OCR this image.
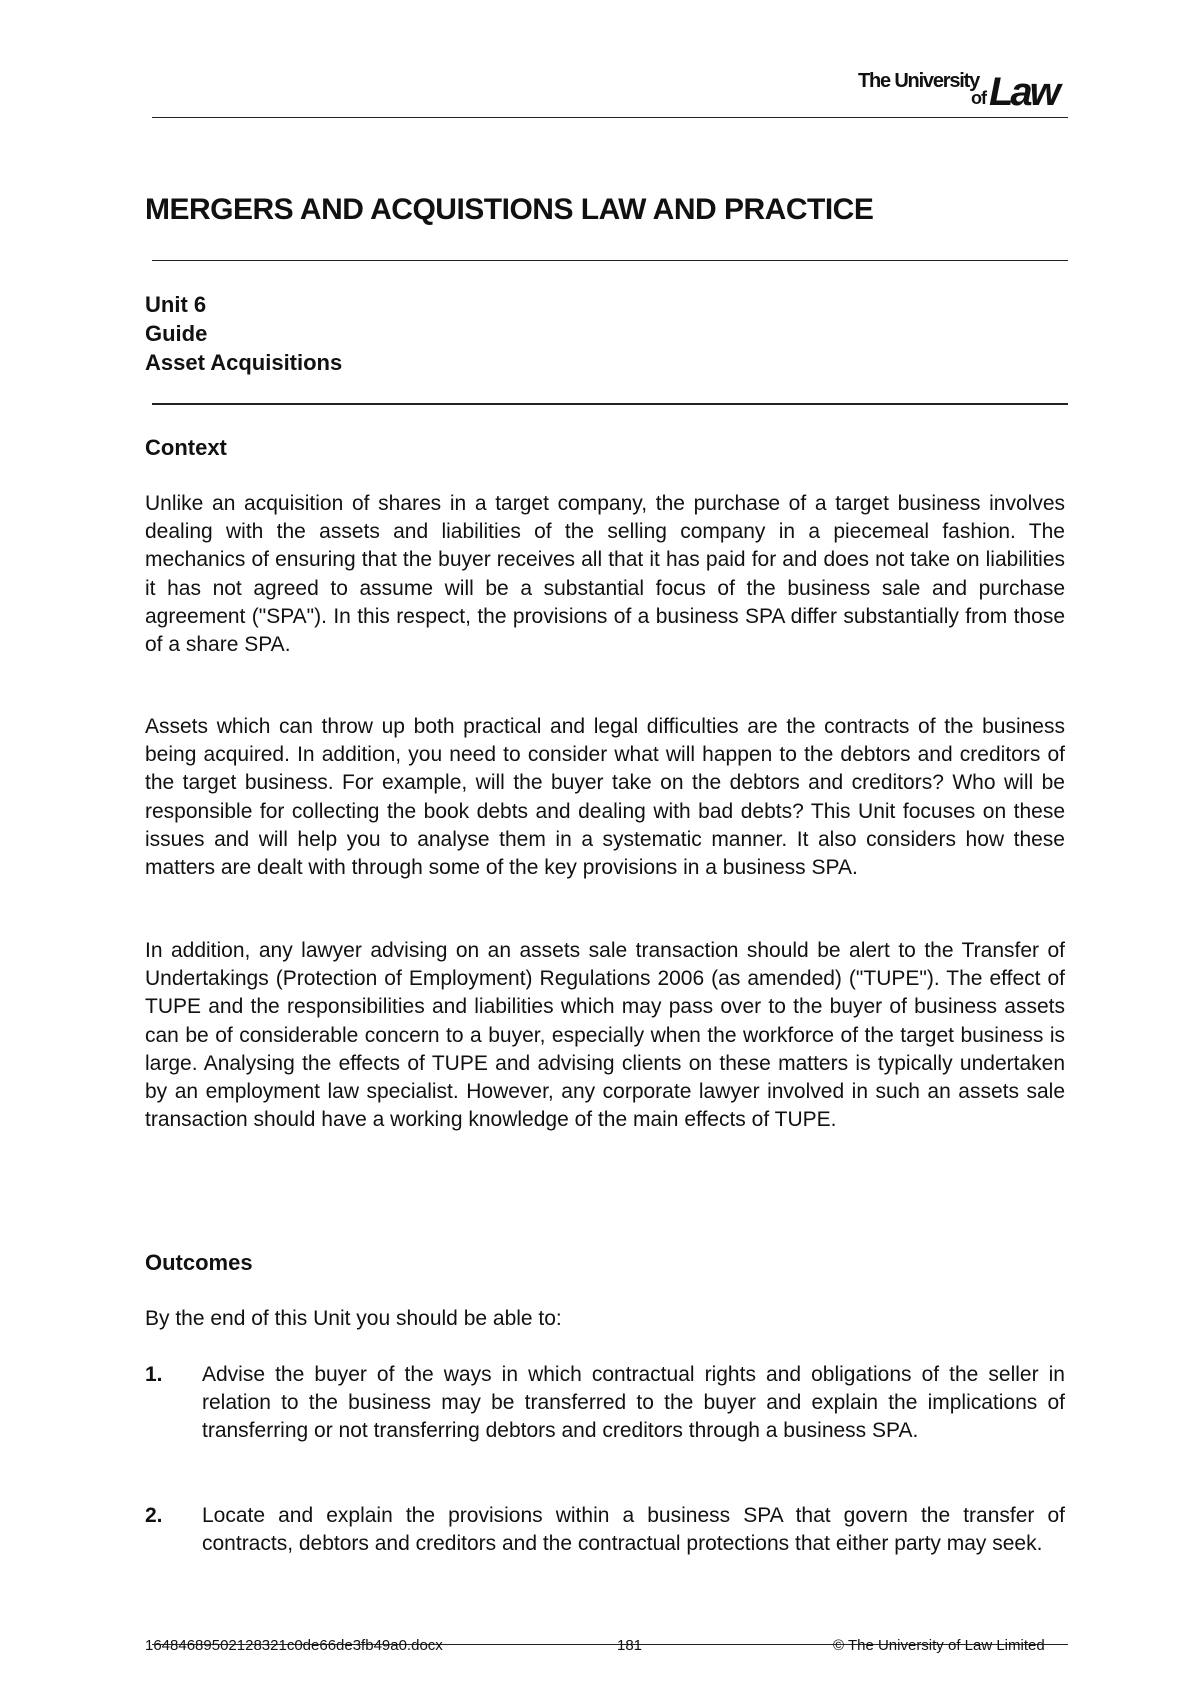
The University
of Law
MERGERS AND ACQUISTIONS LAW AND PRACTICE
Unit 6
Guide
Asset Acquisitions
Context

Unlike an acquisition of shares in a target company, the purchase of a target business involves dealing with the assets and liabilities of the selling company in a piecemeal fashion. The mechanics of ensuring that the buyer receives all that it has paid for and does not take on liabilities it has not agreed to assume will be a substantial focus of the business sale and purchase agreement ("SPA"). In this respect, the provisions of a business SPA differ substantially from those of a share SPA.

Assets which can throw up both practical and legal difficulties are the contracts of the business being acquired. In addition, you need to consider what will happen to the debtors and creditors of the target business. For example, will the buyer take on the debtors and creditors? Who will be responsible for collecting the book debts and dealing with bad debts? This Unit focuses on these issues and will help you to analyse them in a systematic manner. It also considers how these matters are dealt with through some of the key provisions in a business SPA.

In addition, any lawyer advising on an assets sale transaction should be alert to the Transfer of Undertakings (Protection of Employment) Regulations 2006 (as amended) ("TUPE"). The effect of TUPE and the responsibilities and liabilities which may pass over to the buyer of business assets can be of considerable concern to a buyer, especially when the workforce of the target business is large. Analysing the effects of TUPE and advising clients on these matters is typically undertaken by an employment law specialist. However, any corporate lawyer involved in such an assets sale transaction should have a working knowledge of the main effects of TUPE.

Outcomes

By the end of this Unit you should be able to:

1. Advise the buyer of the ways in which contractual rights and obligations of the seller in relation to the business may be transferred to the buyer and explain the implications of transferring or not transferring debtors and creditors through a business SPA.
2. Locate and explain the provisions within a business SPA that govern the transfer of contracts, debtors and creditors and the contractual protections that either party may seek.
16484689502128321c0de66de3fb49a0.docx	181	© The University of Law Limited
